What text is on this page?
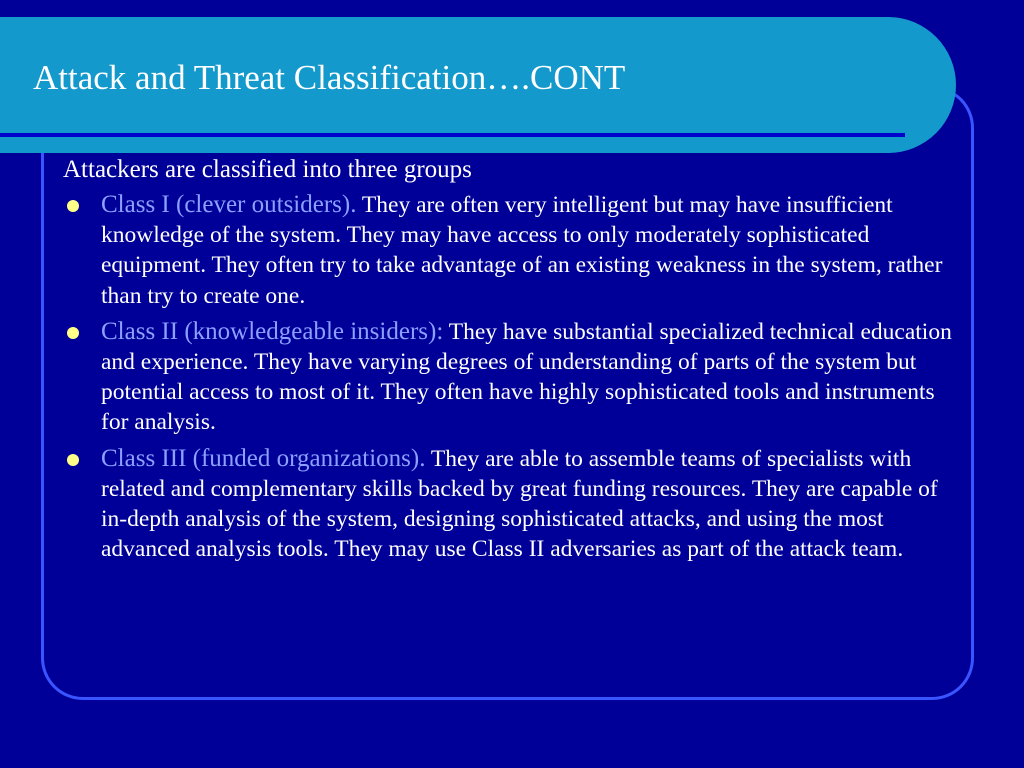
Attack and Threat Classification….CONT

Attackers are classified into three groups

Class I (clever outsiders). They are often very intelligent but may have insufficient knowledge of the system. They may have access to only moderately sophisticated equipment. They often try to take advantage of an existing weakness in the system, rather than try to create one.
Class II (knowledgeable insiders): They have substantial specialized technical education and experience. They have varying degrees of understanding of parts of the system but potential access to most of it. They often have highly sophisticated tools and instruments for analysis.
Class III (funded organizations). They are able to assemble teams of specialists with related and complementary skills backed by great funding resources. They are capable of in-depth analysis of the system, designing sophisticated attacks, and using the most advanced analysis tools. They may use Class II adversaries as part of the attack team.
